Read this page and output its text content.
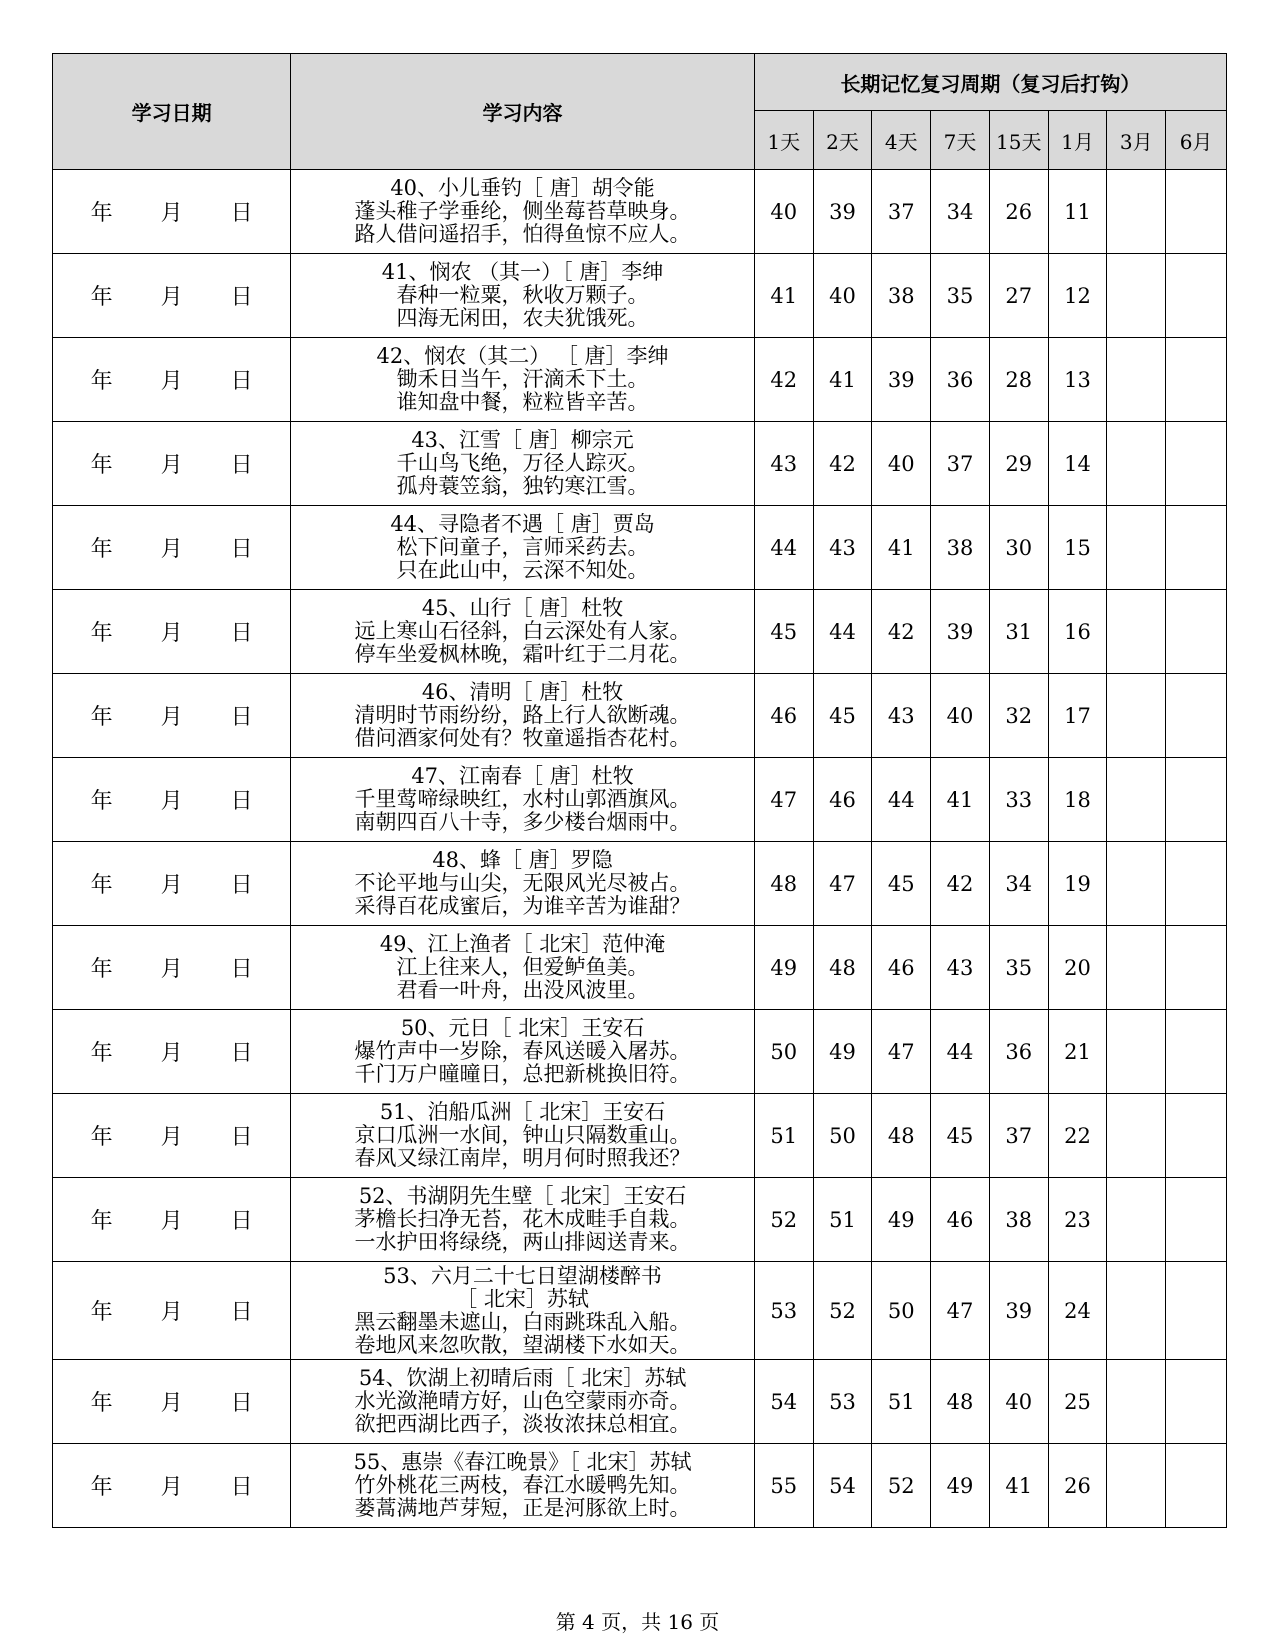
学习日期	学习内容	长期记忆复习周期（复习后打钩）							
		1天	2天	4天	7天	15天	1月	3月	6月
年 月 日	40、小儿垂钓［ 唐］胡令能
蓬头稚子学垂纶，侧坐莓苔草映身。
路人借问遥招手，怕得鱼惊不应人。	40	39	37	34	26	11		
年 月 日	41、悯农 （其一）［ 唐］李绅
春种一粒粟，秋收万颗子。
四海无闲田，农夫犹饿死。	41	40	38	35	27	12		
年 月 日	42、悯农（其二） ［ 唐］李绅
锄禾日当午，汗滴禾下土。
谁知盘中餐，粒粒皆辛苦。	42	41	39	36	28	13		
年 月 日	43、江雪［ 唐］柳宗元
千山鸟飞绝，万径人踪灭。
孤舟蓑笠翁，独钓寒江雪。	43	42	40	37	29	14		
年 月 日	44、寻隐者不遇［ 唐］贾岛
松下问童子，言师采药去。
只在此山中，云深不知处。	44	43	41	38	30	15		
年 月 日	45、山行［ 唐］杜牧
远上寒山石径斜，白云深处有人家。
停车坐爱枫林晚，霜叶红于二月花。	45	44	42	39	31	16		
年 月 日	46、清明［ 唐］杜牧
清明时节雨纷纷，路上行人欲断魂。
借问酒家何处有？牧童遥指杏花村。	46	45	43	40	32	17		
年 月 日	47、江南春［ 唐］杜牧
千里莺啼绿映红，水村山郭酒旗风。
南朝四百八十寺，多少楼台烟雨中。	47	46	44	41	33	18		
年 月 日	48、蜂［ 唐］罗隐
不论平地与山尖，无限风光尽被占。
采得百花成蜜后，为谁辛苦为谁甜？	48	47	45	42	34	19		
年 月 日	49、江上渔者［ 北宋］范仲淹
江上往来人，但爱鲈鱼美。
君看一叶舟，出没风波里。	49	48	46	43	35	20		
年 月 日	50、元日［ 北宋］王安石
爆竹声中一岁除，春风送暖入屠苏。
千门万户曈曈日，总把新桃换旧符。	50	49	47	44	36	21		
年 月 日	51、泊船瓜洲［ 北宋］王安石
京口瓜洲一水间，钟山只隔数重山。
春风又绿江南岸，明月何时照我还？	51	50	48	45	37	22		
年 月 日	52、书湖阴先生壁［ 北宋］王安石
茅檐长扫净无苔，花木成畦手自栽。
一水护田将绿绕，两山排闼送青来。	52	51	49	46	38	23		
年 月 日	53、六月二十七日望湖楼醉书
［ 北宋］苏轼
黑云翻墨未遮山，白雨跳珠乱入船。
卷地风来忽吹散，望湖楼下水如天。	53	52	50	47	39	24		
年 月 日	54、饮湖上初晴后雨［ 北宋］苏轼
水光潋滟晴方好，山色空蒙雨亦奇。
欲把西湖比西子，淡妆浓抹总相宜。	54	53	51	48	40	25		
年 月 日	55、惠崇《春江晚景》［ 北宋］苏轼
竹外桃花三两枝，春江水暖鸭先知。
蒌蒿满地芦芽短，正是河豚欲上时。	55	54	52	49	41	26		
第 4 页，共 16 页
